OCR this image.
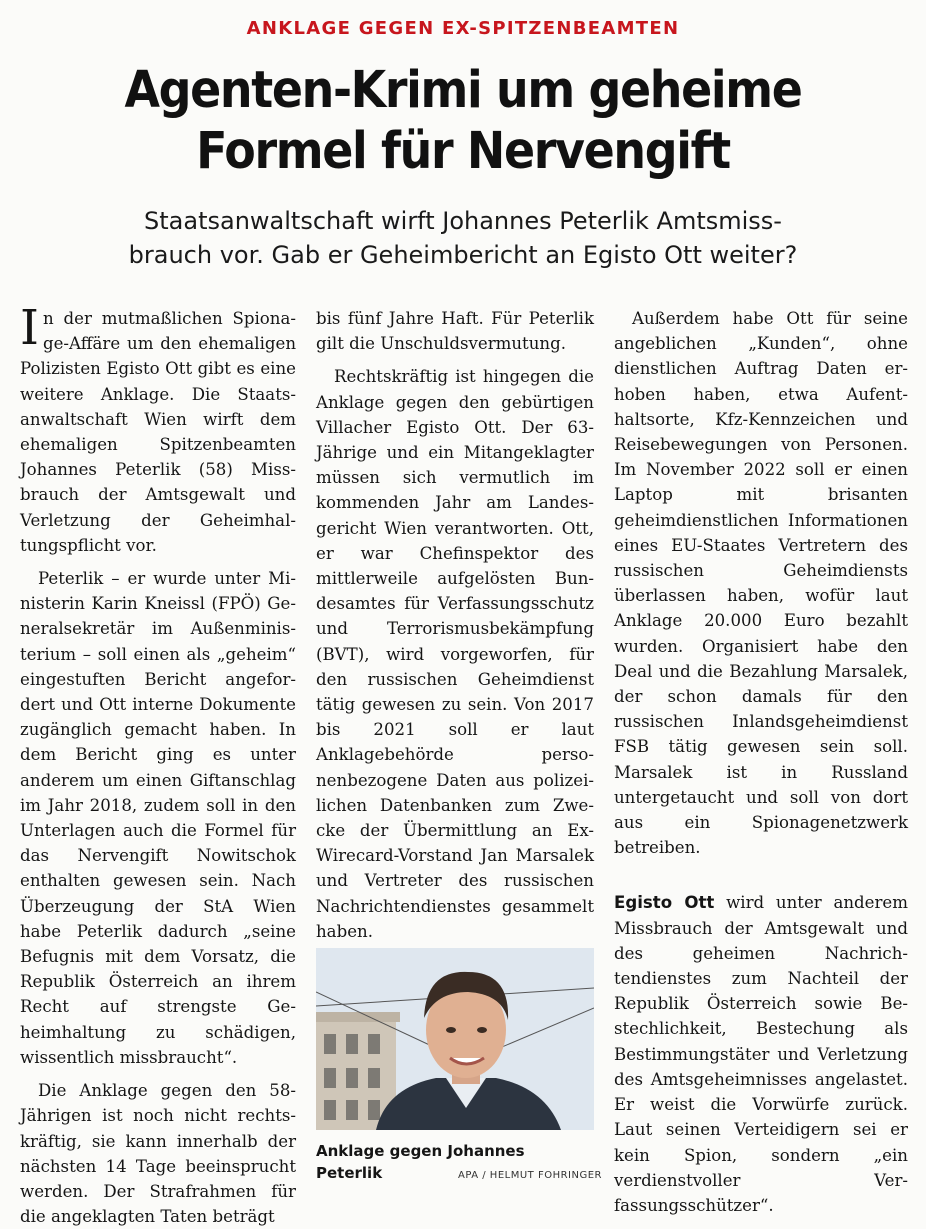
ANKLAGE GEGEN EX-SPITZENBEAMTEN
Agenten-Krimi um geheime
Formel für Nervengift
Staatsanwaltschaft wirft Johannes Peterlik Amtsmiss-
brauch vor. Gab er Geheimbericht an Egisto Ott weiter?

In der mutmaßlichen Spionage-Affäre um den ehemaligen Polizisten Egisto Ott gibt es eine weitere Anklage. Die Staatsanwaltschaft Wien wirft dem ehemaligen Spitzenbeamten Johannes Peterlik (58) Missbrauch der Amtsgewalt und Verletzung der Geheimhaltungspflicht vor.

Peterlik – er wurde unter Ministerin Karin Kneissl (FPÖ) Generalsekretär im Außenministerium – soll einen als „geheim“ eingestuften Bericht angefordert und Ott interne Dokumente zugänglich gemacht haben. In dem Bericht ging es unter anderem um einen Giftanschlag im Jahr 2018, zudem soll in den Unterlagen auch die Formel für das Nervengift Nowitschok enthalten gewesen sein. Nach Überzeugung der StA Wien habe Peterlik dadurch „seine Befugnis mit dem Vorsatz, die Republik Österreich an ihrem Recht auf strengste Geheimhaltung zu schädigen, wissentlich missbraucht“.

Die Anklage gegen den 58-Jährigen ist noch nicht rechtskräftig, sie kann innerhalb der nächsten 14 Tage beeinsprucht werden. Der Strafrahmen für die angeklagten Taten beträgt

bis fünf Jahre Haft. Für Peterlik gilt die Unschuldsvermutung.

Rechtskräftig ist hingegen die Anklage gegen den gebürtigen Villacher Egisto Ott. Der 63-Jährige und ein Mitangeklagter müssen sich vermutlich im kommenden Jahr am Landesgericht Wien verantworten. Ott, er war Chefinspektor des mittlerweile aufgelösten Bundesamtes für Verfassungsschutz und Terrorismusbekämpfung (BVT), wird vorgeworfen, für den russischen Geheimdienst tätig gewesen zu sein. Von 2017 bis 2021 soll er laut Anklagebehörde personenbezogene Daten aus polizeilichen Datenbanken zum Zwecke der Übermittlung an Ex-Wirecard-Vorstand Jan Marsalek und Vertreter des russischen Nachrichtendienstes gesammelt haben.

Anklage gegen Johannes
Peterlik	APA / HELMUT FOHRINGER

Außerdem habe Ott für seine angeblichen „Kunden“, ohne dienstlichen Auftrag Daten erhoben haben, etwa Aufenthaltsorte, Kfz-Kennzeichen und Reisebewegungen von Personen. Im November 2022 soll er einen Laptop mit brisanten geheimdienstlichen Informationen eines EU-Staates Vertretern des russischen Geheimdiensts überlassen haben, wofür laut Anklage 20.000 Euro bezahlt wurden. Organisiert habe den Deal und die Bezahlung Marsalek, der schon damals für den russischen Inlandsgeheimdienst FSB tätig gewesen sein soll. Marsalek ist in Russland untergetaucht und soll von dort aus ein Spionagenetzwerk betreiben.

Egisto Ott wird unter anderem Missbrauch der Amtsgewalt und des geheimen Nachrichtendienstes zum Nachteil der Republik Österreich sowie Bestechlichkeit, Bestechung als Bestimmungstäter und Verletzung des Amtsgeheimnisses angelastet. Er weist die Vorwürfe zurück. Laut seinen Verteidigern sei er kein Spion, sondern „ein verdienstvoller Verfassungsschützer“.
